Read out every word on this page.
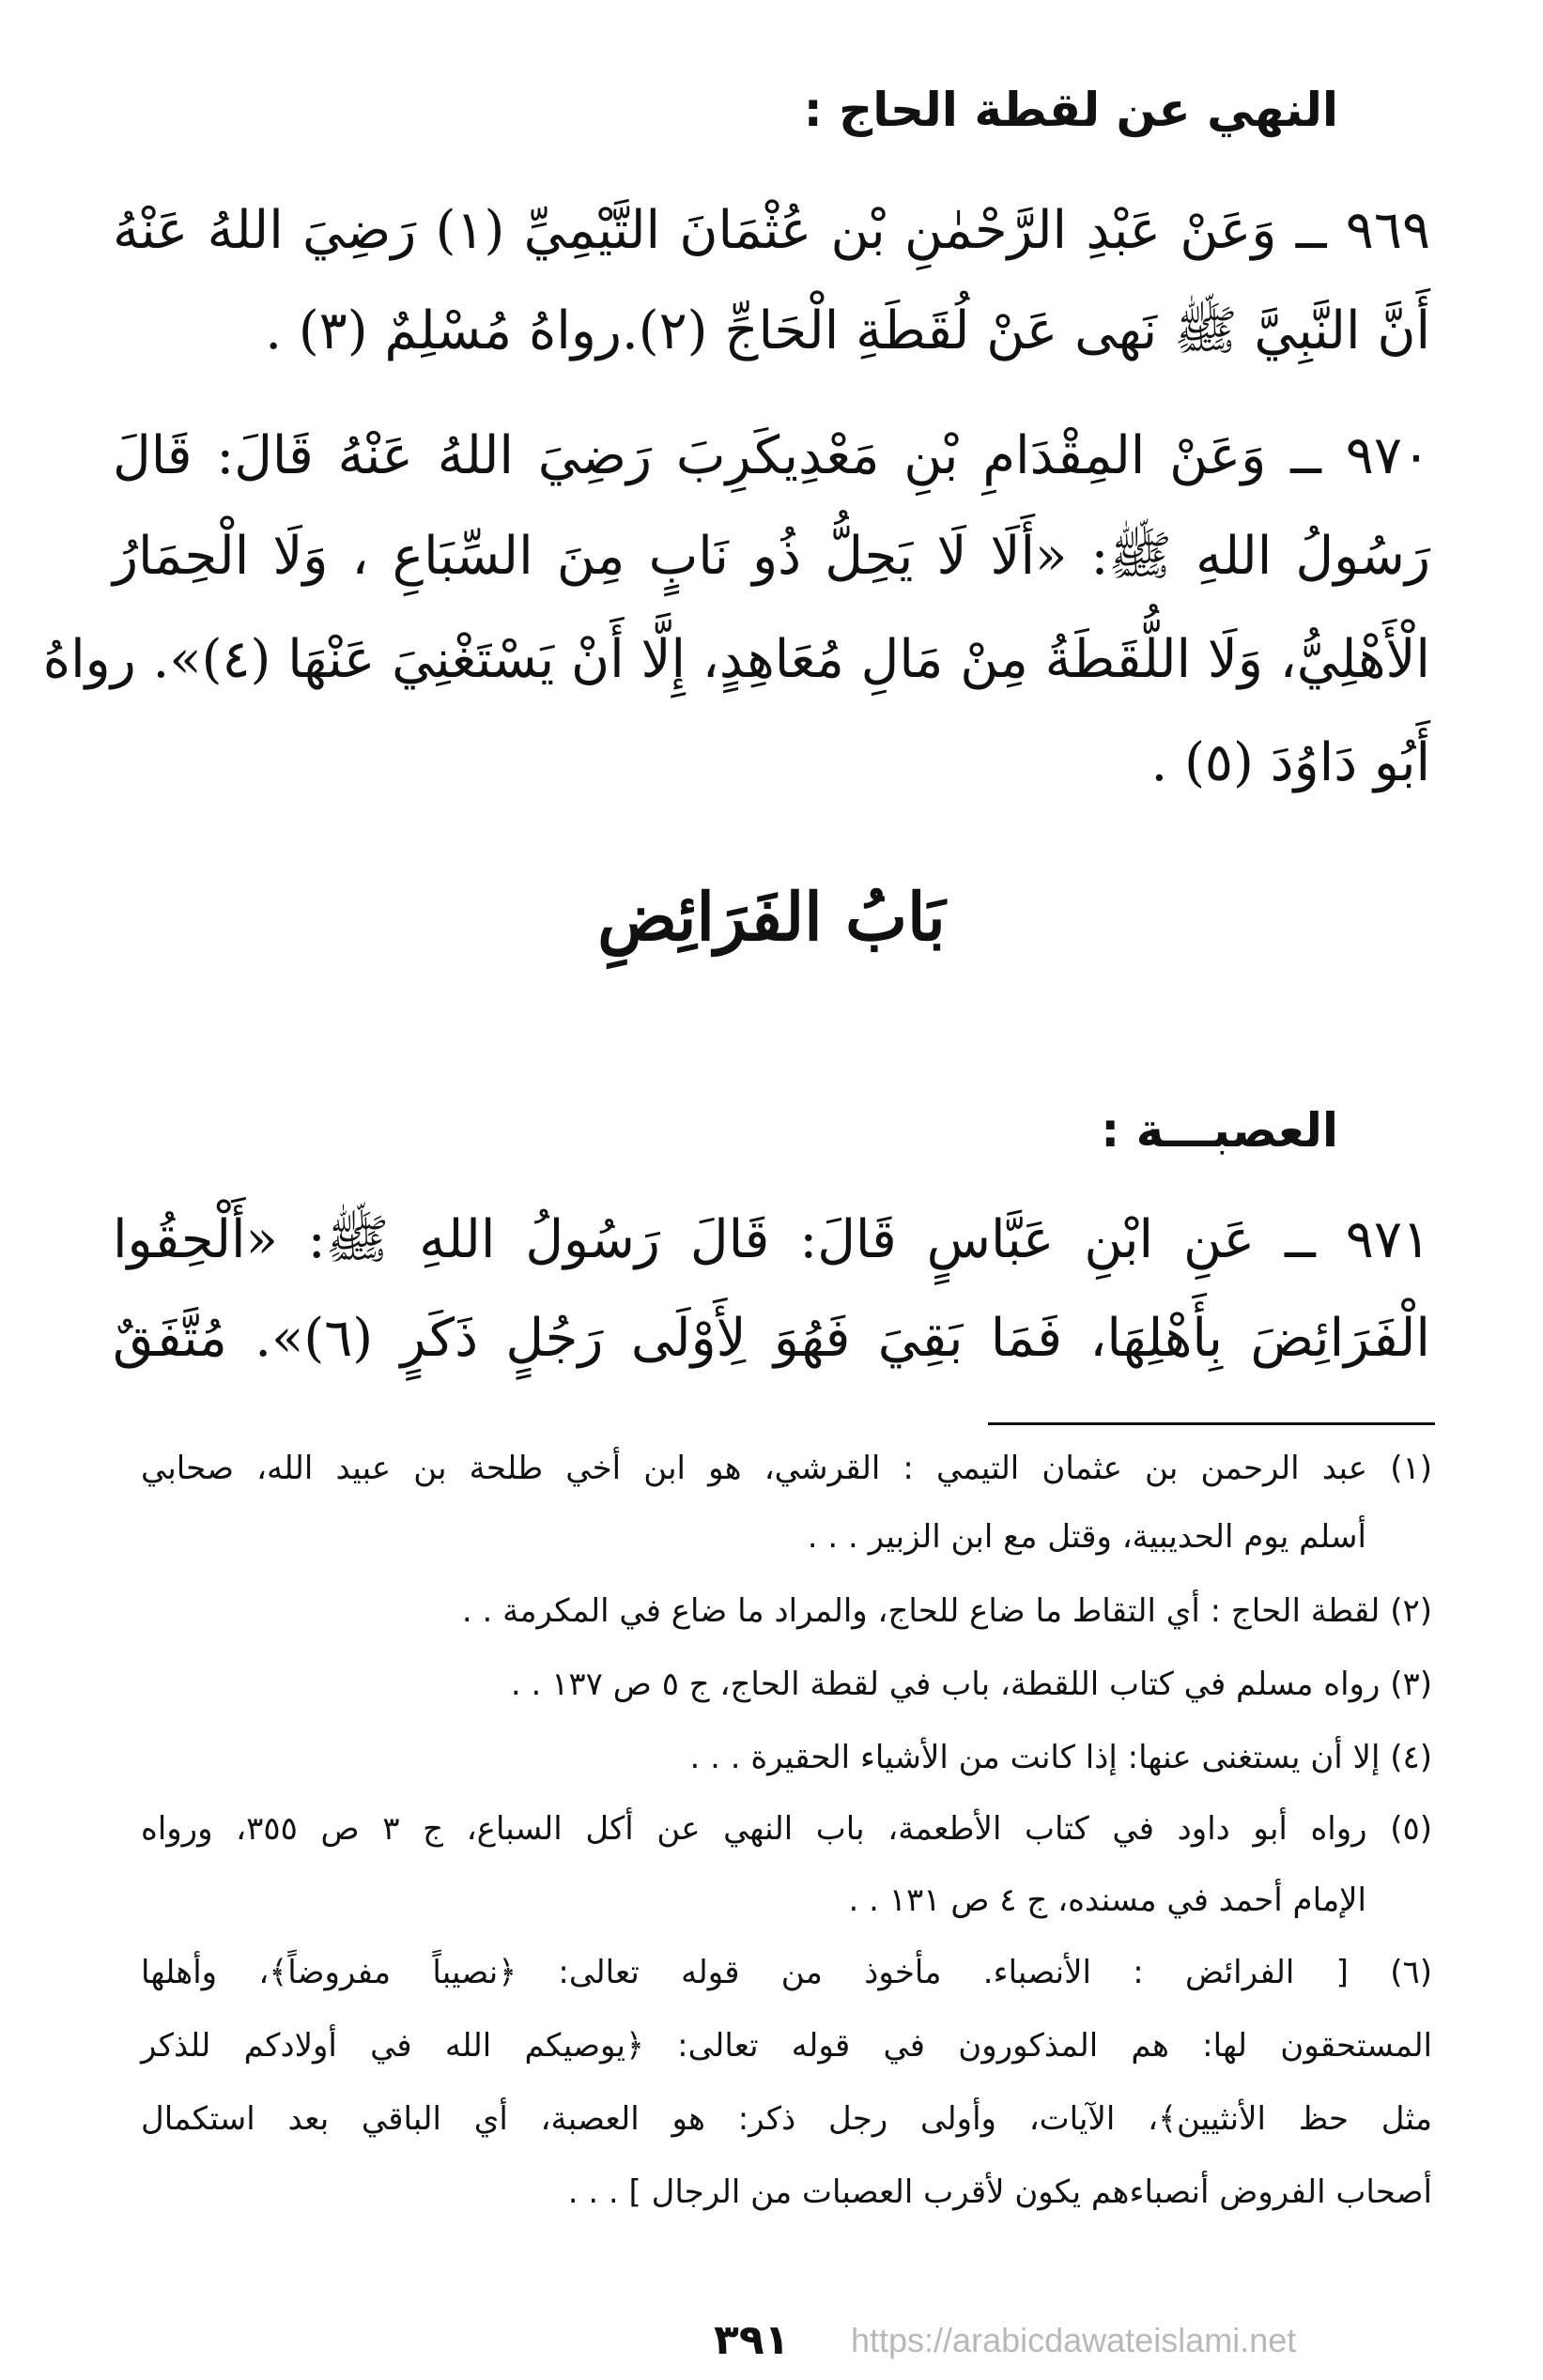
النهي عن لقطة الحاج :
٩٦٩ ــ وَعَنْ عَبْدِ الرَّحْمٰنِ بْن عُثْمَانَ التَّيْمِيِّ (١) رَضِيَ اللهُ عَنْهُ
أَنَّ النَّبِيَّ ﷺ نَهى عَنْ لُقَطَةِ الْحَاجِّ (٢).رواهُ مُسْلِمٌ (٣) .
٩٧٠ ــ وَعَنْ المِقْدَامِ بْنِ مَعْدِيكَرِبَ رَضِيَ اللهُ عَنْهُ قَالَ: قَالَ
رَسُولُ اللهِ ﷺ: «أَلَا لَا يَحِلُّ ذُو نَابٍ مِنَ السِّبَاعِ ، وَلَا الْحِمَارُ
الْأَهْلِيُّ، وَلَا اللُّقَطَةُ مِنْ مَالِ مُعَاهِدٍ، إِلَّا أَنْ يَسْتَغْنِيَ عَنْهَا (٤)». رواهُ
أَبُو دَاوُدَ (٥) .
بَابُ الفَرَائِضِ
العصبـــة :
٩٧١ ــ عَنِ ابْنِ عَبَّاسٍ قَالَ: قَالَ رَسُولُ اللهِ ﷺ: «أَلْحِقُوا
الْفَرَائِضَ بِأَهْلِهَا، فَمَا بَقِيَ فَهُوَ لِأَوْلَى رَجُلٍ ذَكَرٍ (٦)». مُتَّفَقٌ
(١) عبد الرحمن بن عثمان التيمي : القرشي، هو ابن أخي طلحة بن عبيد الله، صحابي
أسلم يوم الحديبية، وقتل مع ابن الزبير . . .
(٢) لقطة الحاج : أي التقاط ما ضاع للحاج، والمراد ما ضاع في المكرمة . .
(٣) رواه مسلم في كتاب اللقطة، باب في لقطة الحاج، ج ٥ ص ١٣٧ . .
(٤) إلا أن يستغنى عنها: إذا كانت من الأشياء الحقيرة . . .
(٥) رواه أبو داود في كتاب الأطعمة، باب النهي عن أكل السباع، ج ٣ ص ٣٥٥، ورواه
الإمام أحمد في مسنده، ج ٤ ص ١٣١ . .
(٦) [ الفرائض : الأنصباء. مأخوذ من قوله تعالى: ﴿نصيباً مفروضاً﴾، وأهلها
المستحقون لها: هم المذكورون في قوله تعالى: ﴿يوصيكم الله في أولادكم للذكر
مثل حظ الأنثيين﴾، الآيات، وأولى رجل ذكر: هو العصبة، أي الباقي بعد استكمال
أصحاب الفروض أنصباءهم يكون لأقرب العصبات من الرجال ] . . .
٣٩١ https://arabicdawateislami.net
